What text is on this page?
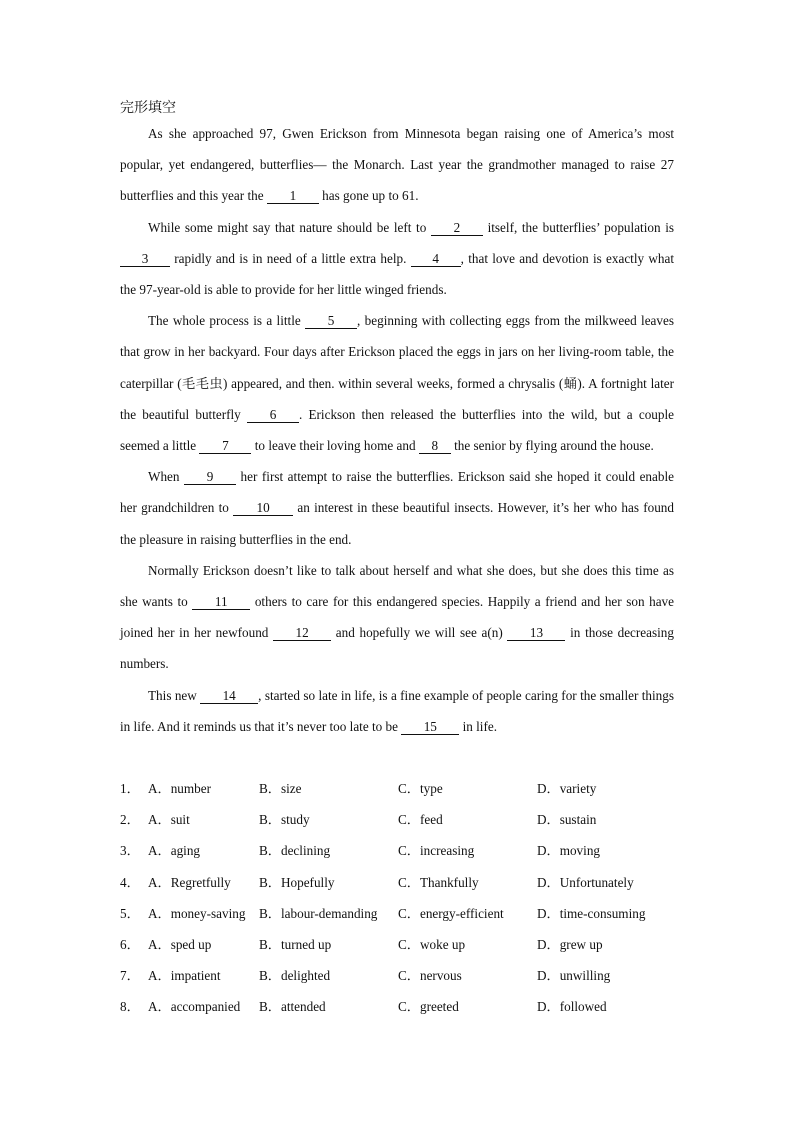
完形填空

As she approached 97, Gwen Erickson from Minnesota began raising one of America’s most popular, yet endangered, butterflies— the Monarch. Last year the grandmother managed to raise 27 butterflies and this year the 1 has gone up to 61.

While some might say that nature should be left to 2 itself, the butterflies’ population is 3 rapidly and is in need of a little extra help. 4 , that love and devotion is exactly what the 97-year-old is able to provide for her little winged friends.

The whole process is a little 5 , beginning with collecting eggs from the milkweed leaves that grow in her backyard. Four days after Erickson placed the eggs in jars on her living-room table, the caterpillar (毛毛虫) appeared, and then. within several weeks, formed a chrysalis (蛹). A fortnight later the beautiful butterfly 6 . Erickson then released the butterflies into the wild, but a couple seemed a little 7 to leave their loving home and 8 the senior by flying around the house.

When 9 her first attempt to raise the butterflies. Erickson said she hoped it could enable her grandchildren to 10 an interest in these beautiful insects. However, it’s her who has found the pleasure in raising butterflies in the end.

Normally Erickson doesn’t like to talk about herself and what she does, but she does this time as she wants to 11 others to care for this endangered species. Happily a friend and her son have joined her in her newfound 12 and hopefully we will see a(n) 13 in those decreasing numbers.

This new 14 , started so late in life, is a fine example of people caring for the smaller things in life. And it reminds us that it’s never too late to be 15 in life.

1． A．number	B．size	C．type	D．variety
2． A．suit	B．study	C．feed	D．sustain
3． A．aging	B．declining	C．increasing	D．moving
4． A．Regretfully	B．Hopefully	C．Thankfully	D．Unfortunately
5． A．money-saving	B．labour-demanding	C．energy-efficient	D．time-consuming
6． A．sped up	B．turned up	C．woke up	D．grew up
7． A．impatient	B．delighted	C．nervous	D．unwilling
8． A．accompanied	B．attended	C．greeted	D．followed
